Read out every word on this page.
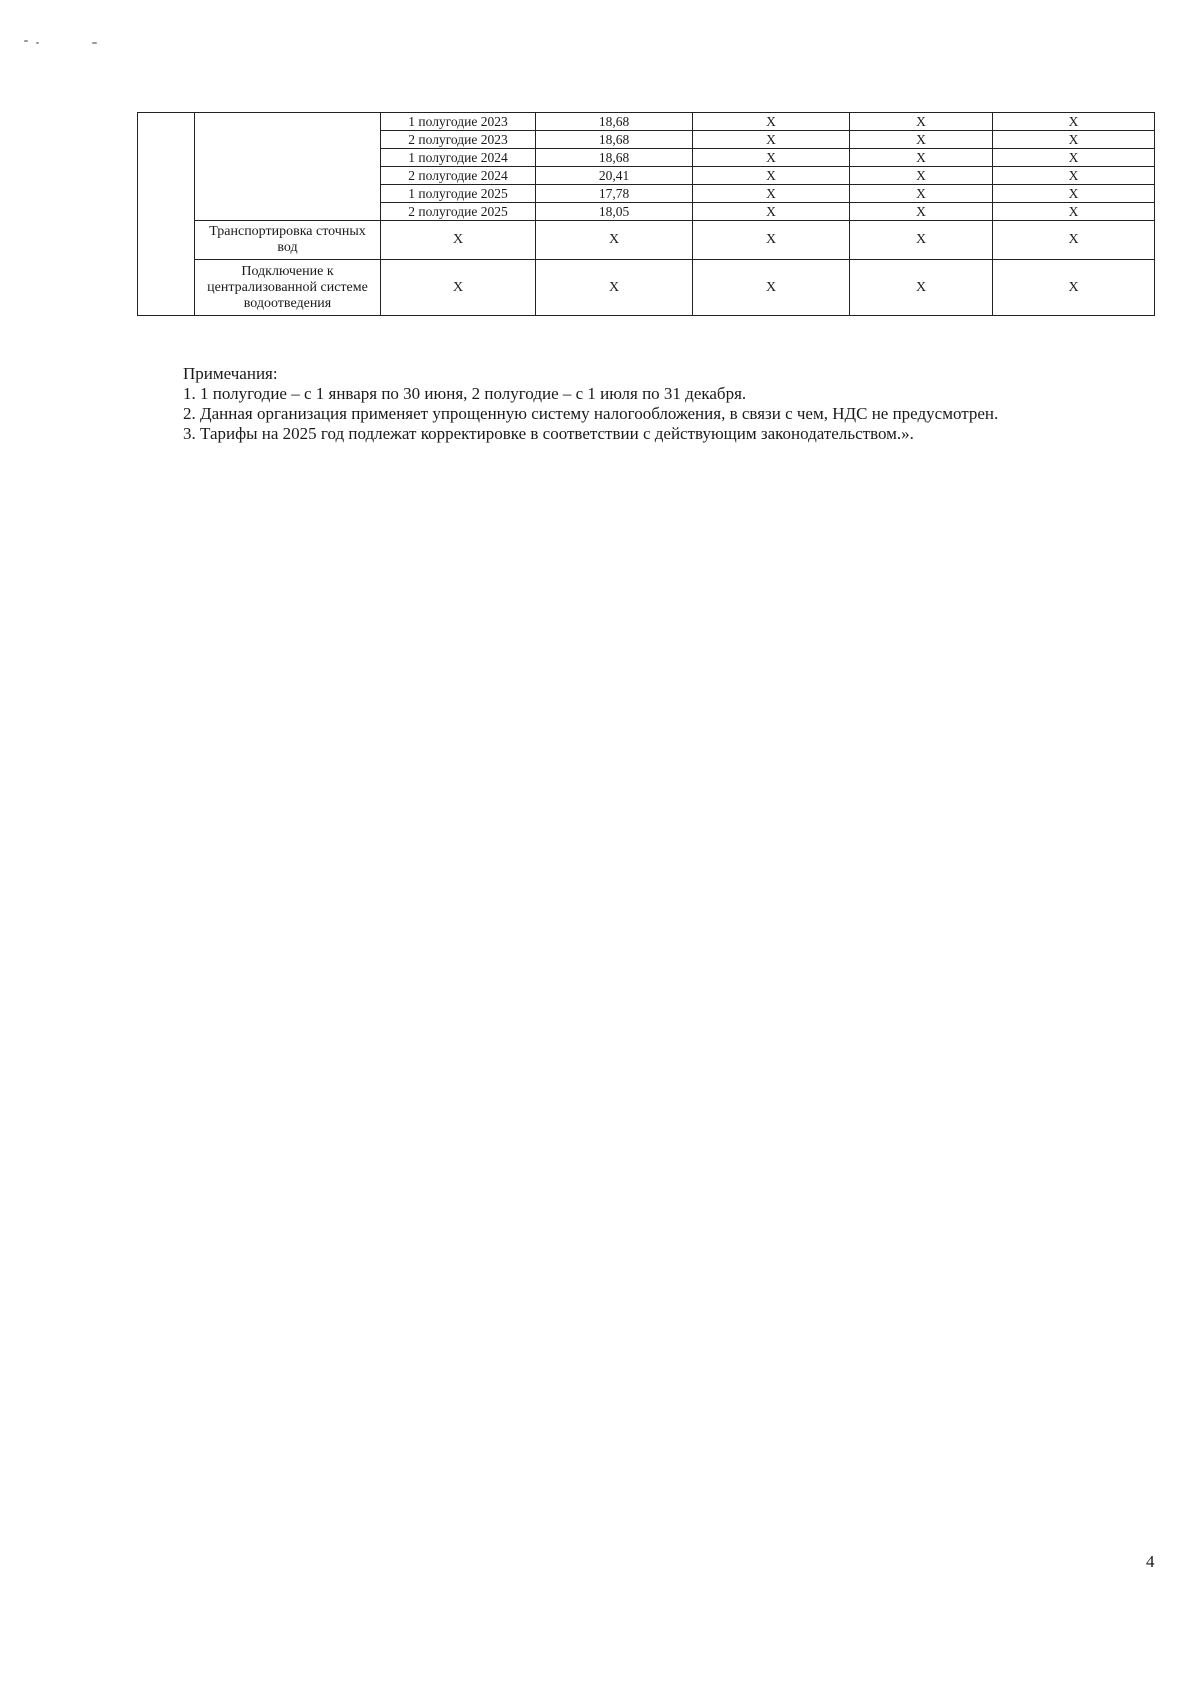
		1 полугодие 2023	18,68	Х	Х	Х
		2 полугодие 2023	18,68	Х	Х	Х
		1 полугодие 2024	18,68	Х	Х	Х
		2 полугодие 2024	20,41	Х	Х	Х
		1 полугодие 2025	17,78	Х	Х	Х
		2 полугодие 2025	18,05	Х	Х	Х
	Транспортировка сточных вод	Х	Х	Х	Х	Х
	Подключение к централизованной системе водоотведения	Х	Х	Х	Х	Х

Примечания:

1. 1 полугодие – с 1 января по 30 июня, 2 полугодие – с 1 июля по 31 декабря.

2. Данная организация применяет упрощенную систему налогообложения, в связи с чем, НДС не предусмотрен.

3. Тарифы на 2025 год подлежат корректировке в соответствии с действующим законодательством.».

4
